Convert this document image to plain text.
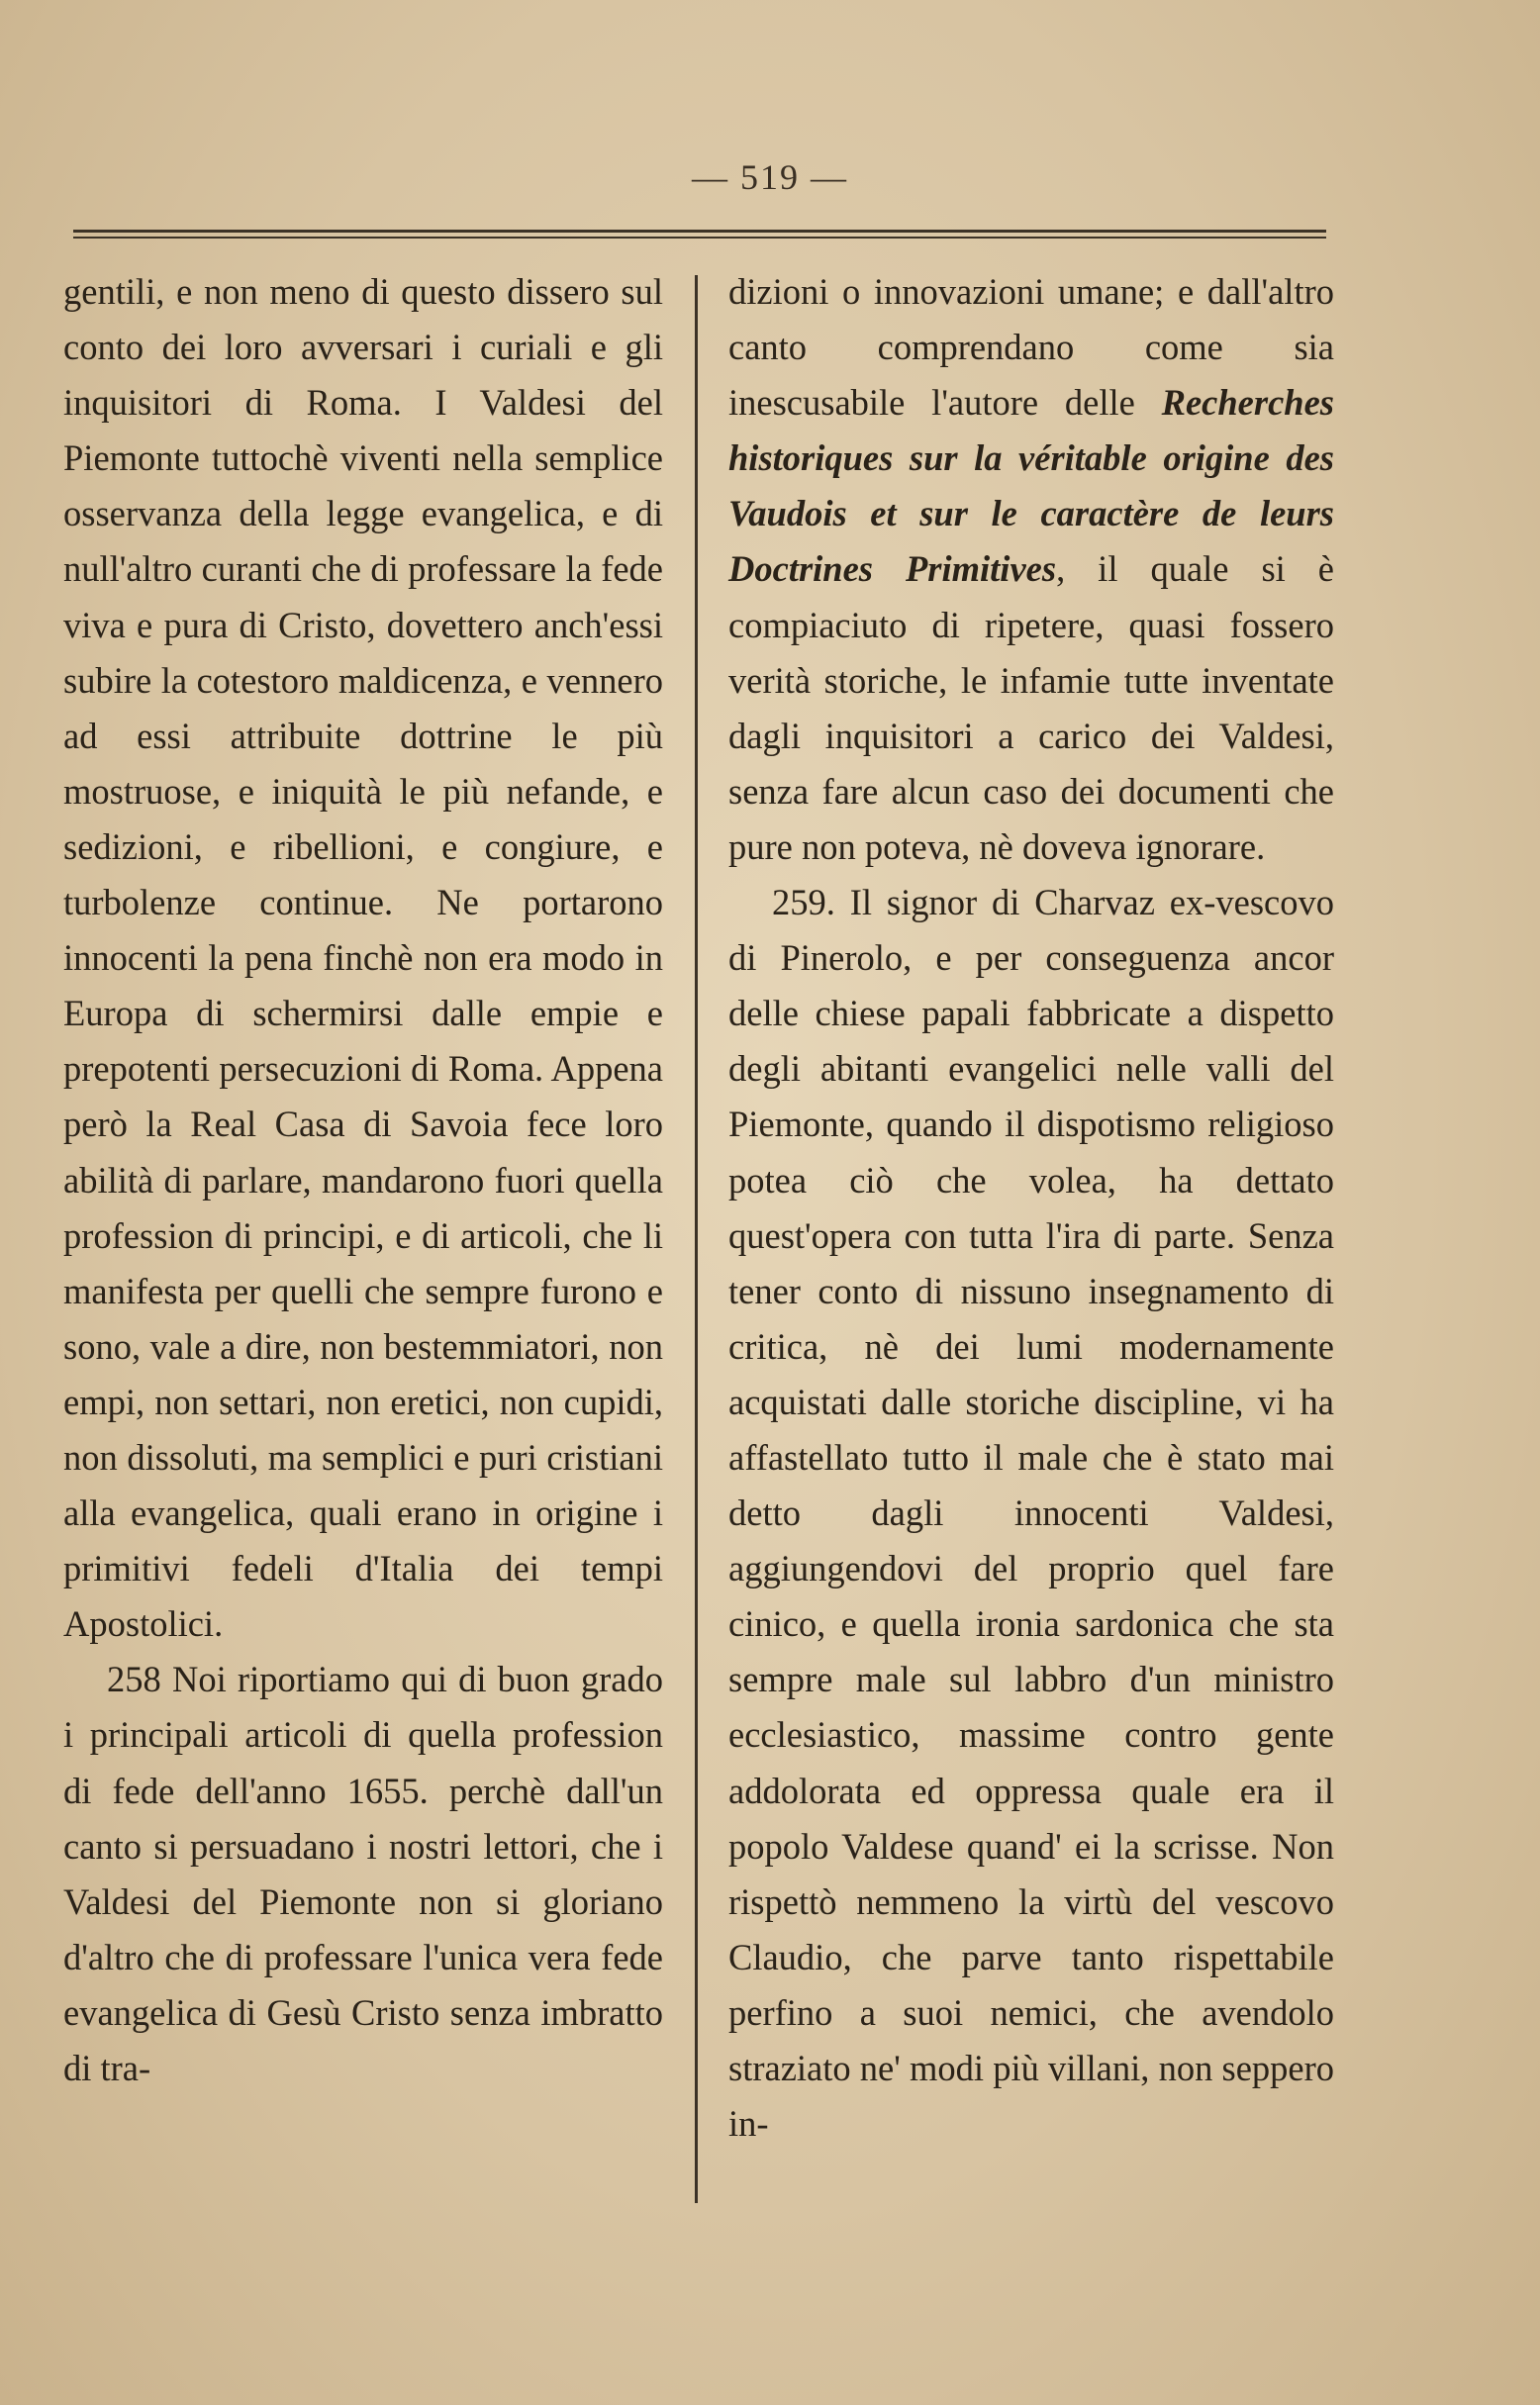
— 519 —

gentili, e non meno di questo dissero sul conto dei loro avversari i curiali e gli inquisitori di Roma. I Valdesi del Piemonte tuttochè viventi nella semplice osservanza della legge evangelica, e di null'altro curanti che di professare la fede viva e pura di Cristo, dovettero anch'essi subire la cotestoro maldicenza, e vennero ad essi attribuite dottrine le più mostruose, e iniquità le più nefande, e sedizioni, e ribellioni, e congiure, e turbolenze continue. Ne portarono innocenti la pena finchè non era modo in Europa di schermirsi dalle empie e prepotenti persecuzioni di Roma. Appena però la Real Casa di Savoia fece loro abilità di parlare, mandarono fuori quella profession di principi, e di articoli, che li manifesta per quelli che sempre furono e sono, vale a dire, non bestemmiatori, non empi, non settari, non eretici, non cupidi, non dissoluti, ma semplici e puri cristiani alla evangelica, quali erano in origine i primitivi fedeli d'Italia dei tempi Apostolici.

258 Noi riportiamo qui di buon grado i principali articoli di quella profession di fede dell'anno 1655. perchè dall'un canto si persuadano i nostri lettori, che i Valdesi del Piemonte non si gloriano d'altro che di professare l'unica vera fede evangelica di Gesù Cristo senza imbratto di tra-

dizioni o innovazioni umane; e dall'altro canto comprendano come sia inescusabile l'autore delle Recherches historiques sur la véritable origine des Vaudois et sur le caractère de leurs Doctrines Primitives, il quale si è compiaciuto di ripetere, quasi fossero verità storiche, le infamie tutte inventate dagli inquisitori a carico dei Valdesi, senza fare alcun caso dei documenti che pure non poteva, nè doveva ignorare.

259. Il signor di Charvaz ex-vescovo di Pinerolo, e per conseguenza ancor delle chiese papali fabbricate a dispetto degli abitanti evangelici nelle valli del Piemonte, quando il dispotismo religioso potea ciò che volea, ha dettato quest'opera con tutta l'ira di parte. Senza tener conto di nissuno insegnamento di critica, nè dei lumi modernamente acquistati dalle storiche discipline, vi ha affastellato tutto il male che è stato mai detto dagli innocenti Valdesi, aggiungendovi del proprio quel fare cinico, e quella ironia sardonica che sta sempre male sul labbro d'un ministro ecclesiastico, massime contro gente addolorata ed oppressa quale era il popolo Valdese quand' ei la scrisse. Non rispettò nemmeno la virtù del vescovo Claudio, che parve tanto rispettabile perfino a suoi nemici, che avendolo straziato ne' modi più villani, non seppero in-
